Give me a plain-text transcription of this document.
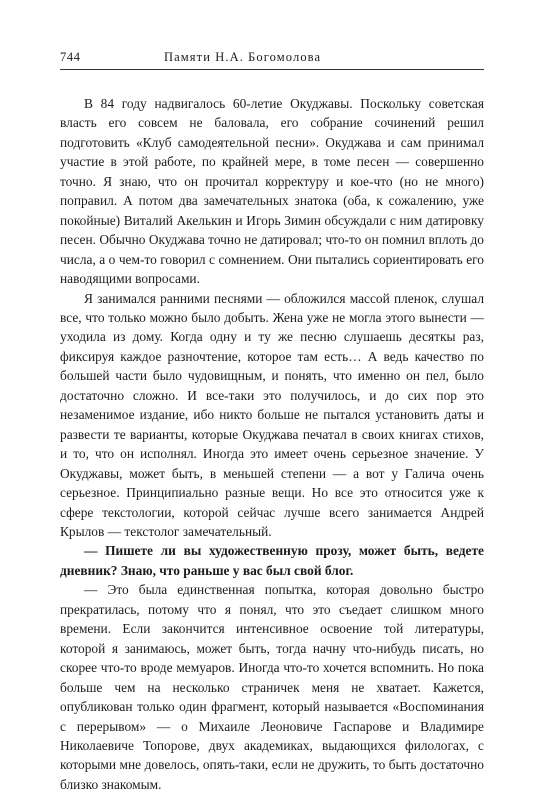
744	Памяти Н.А. Богомолова

В 84 году надвигалось 60-летие Окуджавы. Поскольку советская власть его совсем не баловала, его собрание сочинений решил подготовить «Клуб самодеятельной песни». Окуджава и сам принимал участие в этой работе, по крайней мере, в томе песен — совершенно точно. Я знаю, что он прочитал корректуру и кое-что (но не много) поправил. А потом два замечательных знатока (оба, к сожалению, уже покойные) Виталий Акелькин и Игорь Зимин обсуждали с ним датировку песен. Обычно Окуджава точно не датировал; что-то он помнил вплоть до числа, а о чем-то говорил с сомнением. Они пытались сориентировать его наводящими вопросами.

Я занимался ранними песнями — обложился массой пленок, слушал все, что только можно было добыть. Жена уже не могла этого вынести — уходила из дому. Когда одну и ту же песню слушаешь десяткы раз, фиксируя каждое разночтение, которое там есть… А ведь качество по большей части было чудовищным, и понять, что именно он пел, было достаточно сложно. И все-таки это получилось, и до сих пор это незаменимое издание, ибо никто больше не пытался установить даты и развести те варианты, которые Окуджава печатал в своих книгах стихов, и то, что он исполнял. Иногда это имеет очень серьезное значение. У Окуджавы, может быть, в меньшей степени — а вот у Галича очень серьезное. Принципиально разные вещи. Но все это относится уже к сфере текстологии, которой сейчас лучше всего занимается Андрей Крылов — текстолог замечательный.

— Пишете ли вы художественную прозу, может быть, ведете дневник? Знаю, что раньше у вас был свой блог.

— Это была единственная попытка, которая довольно быстро прекратилась, потому что я понял, что это съедает слишком много времени. Если закончится интенсивное освоение той литературы, которой я занимаюсь, может быть, тогда начну что-нибудь писать, но скорее что-то вроде мемуаров. Иногда что-то хочется вспомнить. Но пока больше чем на несколько страничек меня не хватает. Кажется, опубликован только один фрагмент, который называется «Воспоминания с перерывом» — о Михаиле Леоновиче Гаспарове и Владимире Николаевиче Топорове, двух академиках, выдающихся филологах, с которыми мне довелось, опять-таки, если не дружить, то быть достаточно близко знакомым.
